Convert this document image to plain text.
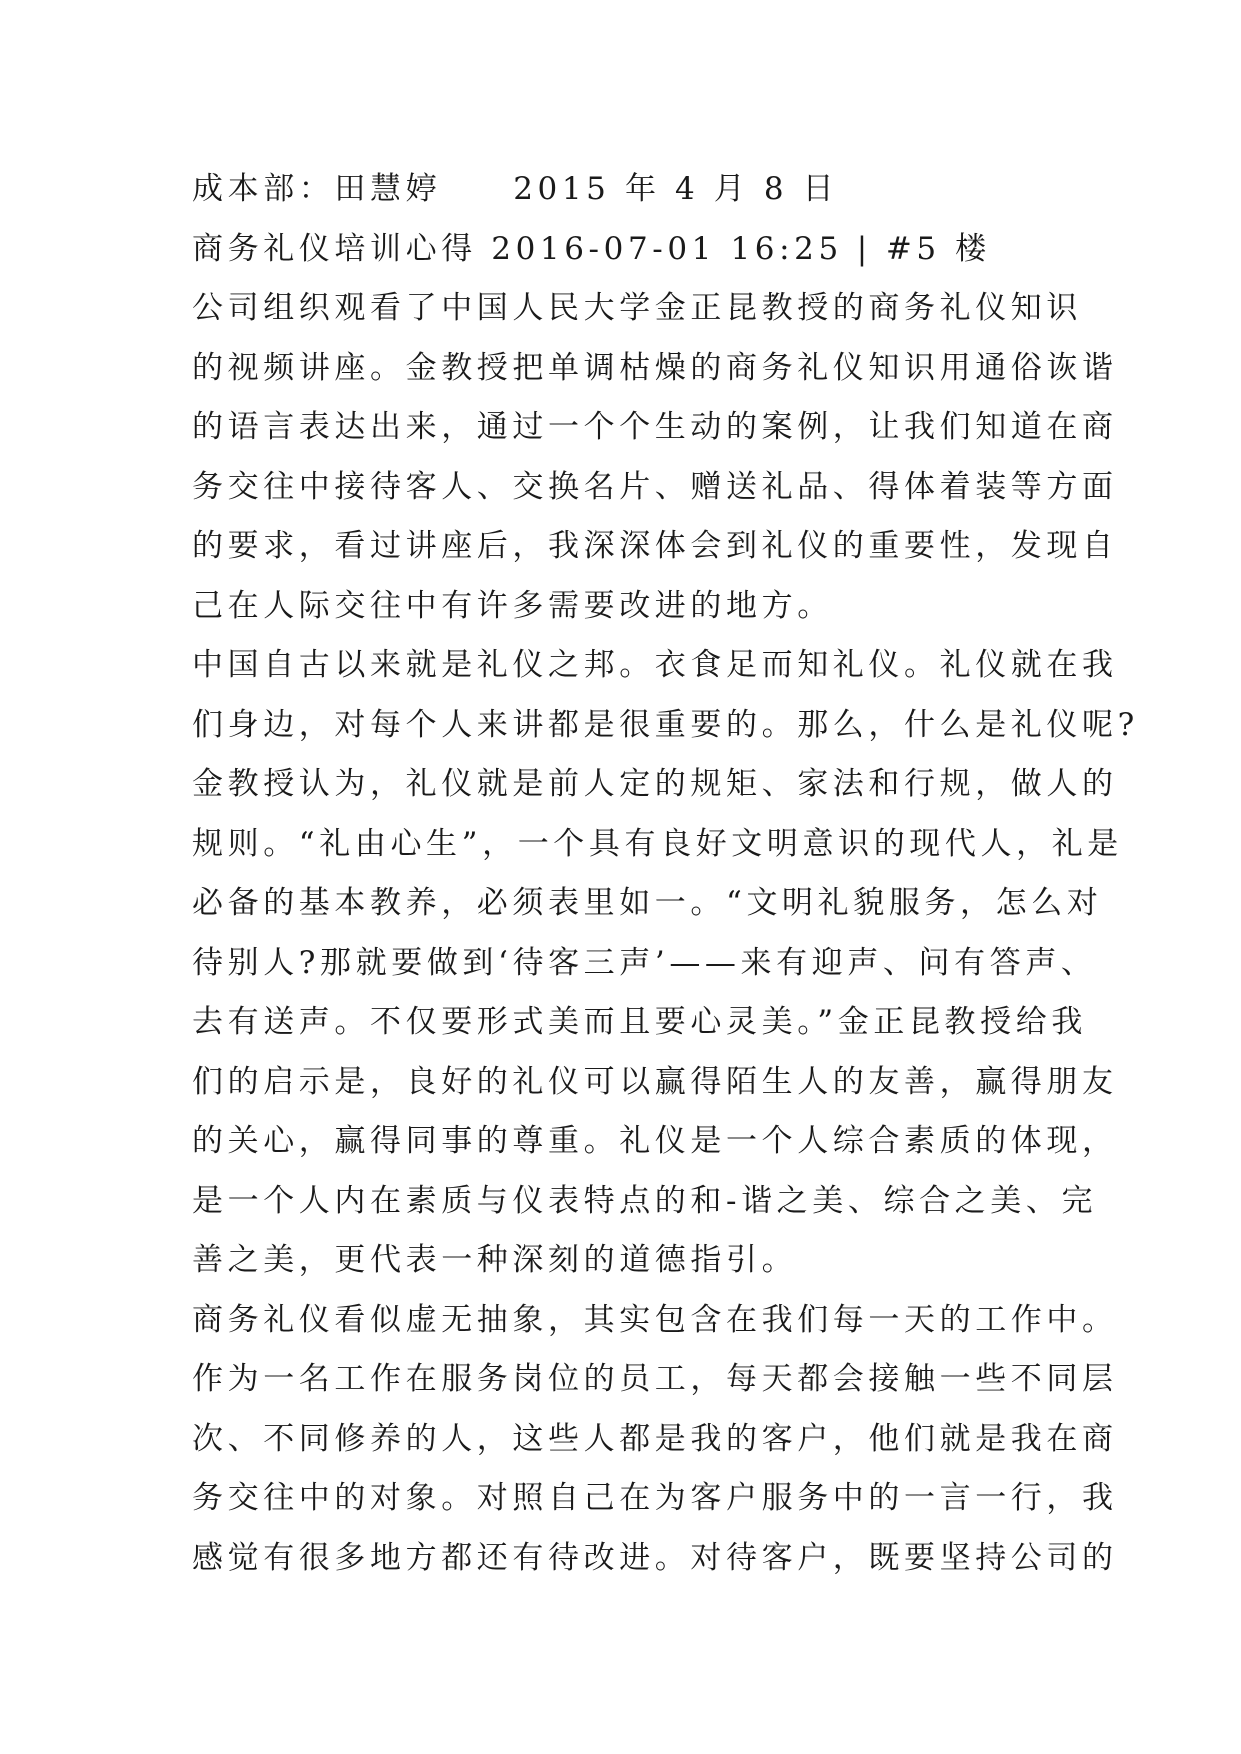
成本部：田慧婷 2015 年 4 月 8 日
商务礼仪培训心得 2016-07-01 16:25 | #5 楼
公司组织观看了中国人民大学金正昆教授的商务礼仪知识
的视频讲座。金教授把单调枯燥的商务礼仪知识用通俗诙谐
的语言表达出来，通过一个个生动的案例，让我们知道在商
务交往中接待客人、交换名片、赠送礼品、得体着装等方面
的要求，看过讲座后，我深深体会到礼仪的重要性，发现自
己在人际交往中有许多需要改进的地方。
中国自古以来就是礼仪之邦。衣食足而知礼仪。礼仪就在我
们身边，对每个人来讲都是很重要的。那么，什么是礼仪呢?
金教授认为，礼仪就是前人定的规矩、家法和行规，做人的
规则。“礼由心生”，一个具有良好文明意识的现代人，礼是
必备的基本教养，必须表里如一。“文明礼貌服务，怎么对
待别人?那就要做到‘待客三声’——来有迎声、问有答声、
去有送声。不仅要形式美而且要心灵美。”金正昆教授给我
们的启示是，良好的礼仪可以赢得陌生人的友善，赢得朋友
的关心，赢得同事的尊重。礼仪是一个人综合素质的体现，
是一个人内在素质与仪表特点的和-谐之美、综合之美、完
善之美，更代表一种深刻的道德指引。
商务礼仪看似虚无抽象，其实包含在我们每一天的工作中。
作为一名工作在服务岗位的员工，每天都会接触一些不同层
次、不同修养的人，这些人都是我的客户，他们就是我在商
务交往中的对象。对照自己在为客户服务中的一言一行，我
感觉有很多地方都还有待改进。对待客户，既要坚持公司的
